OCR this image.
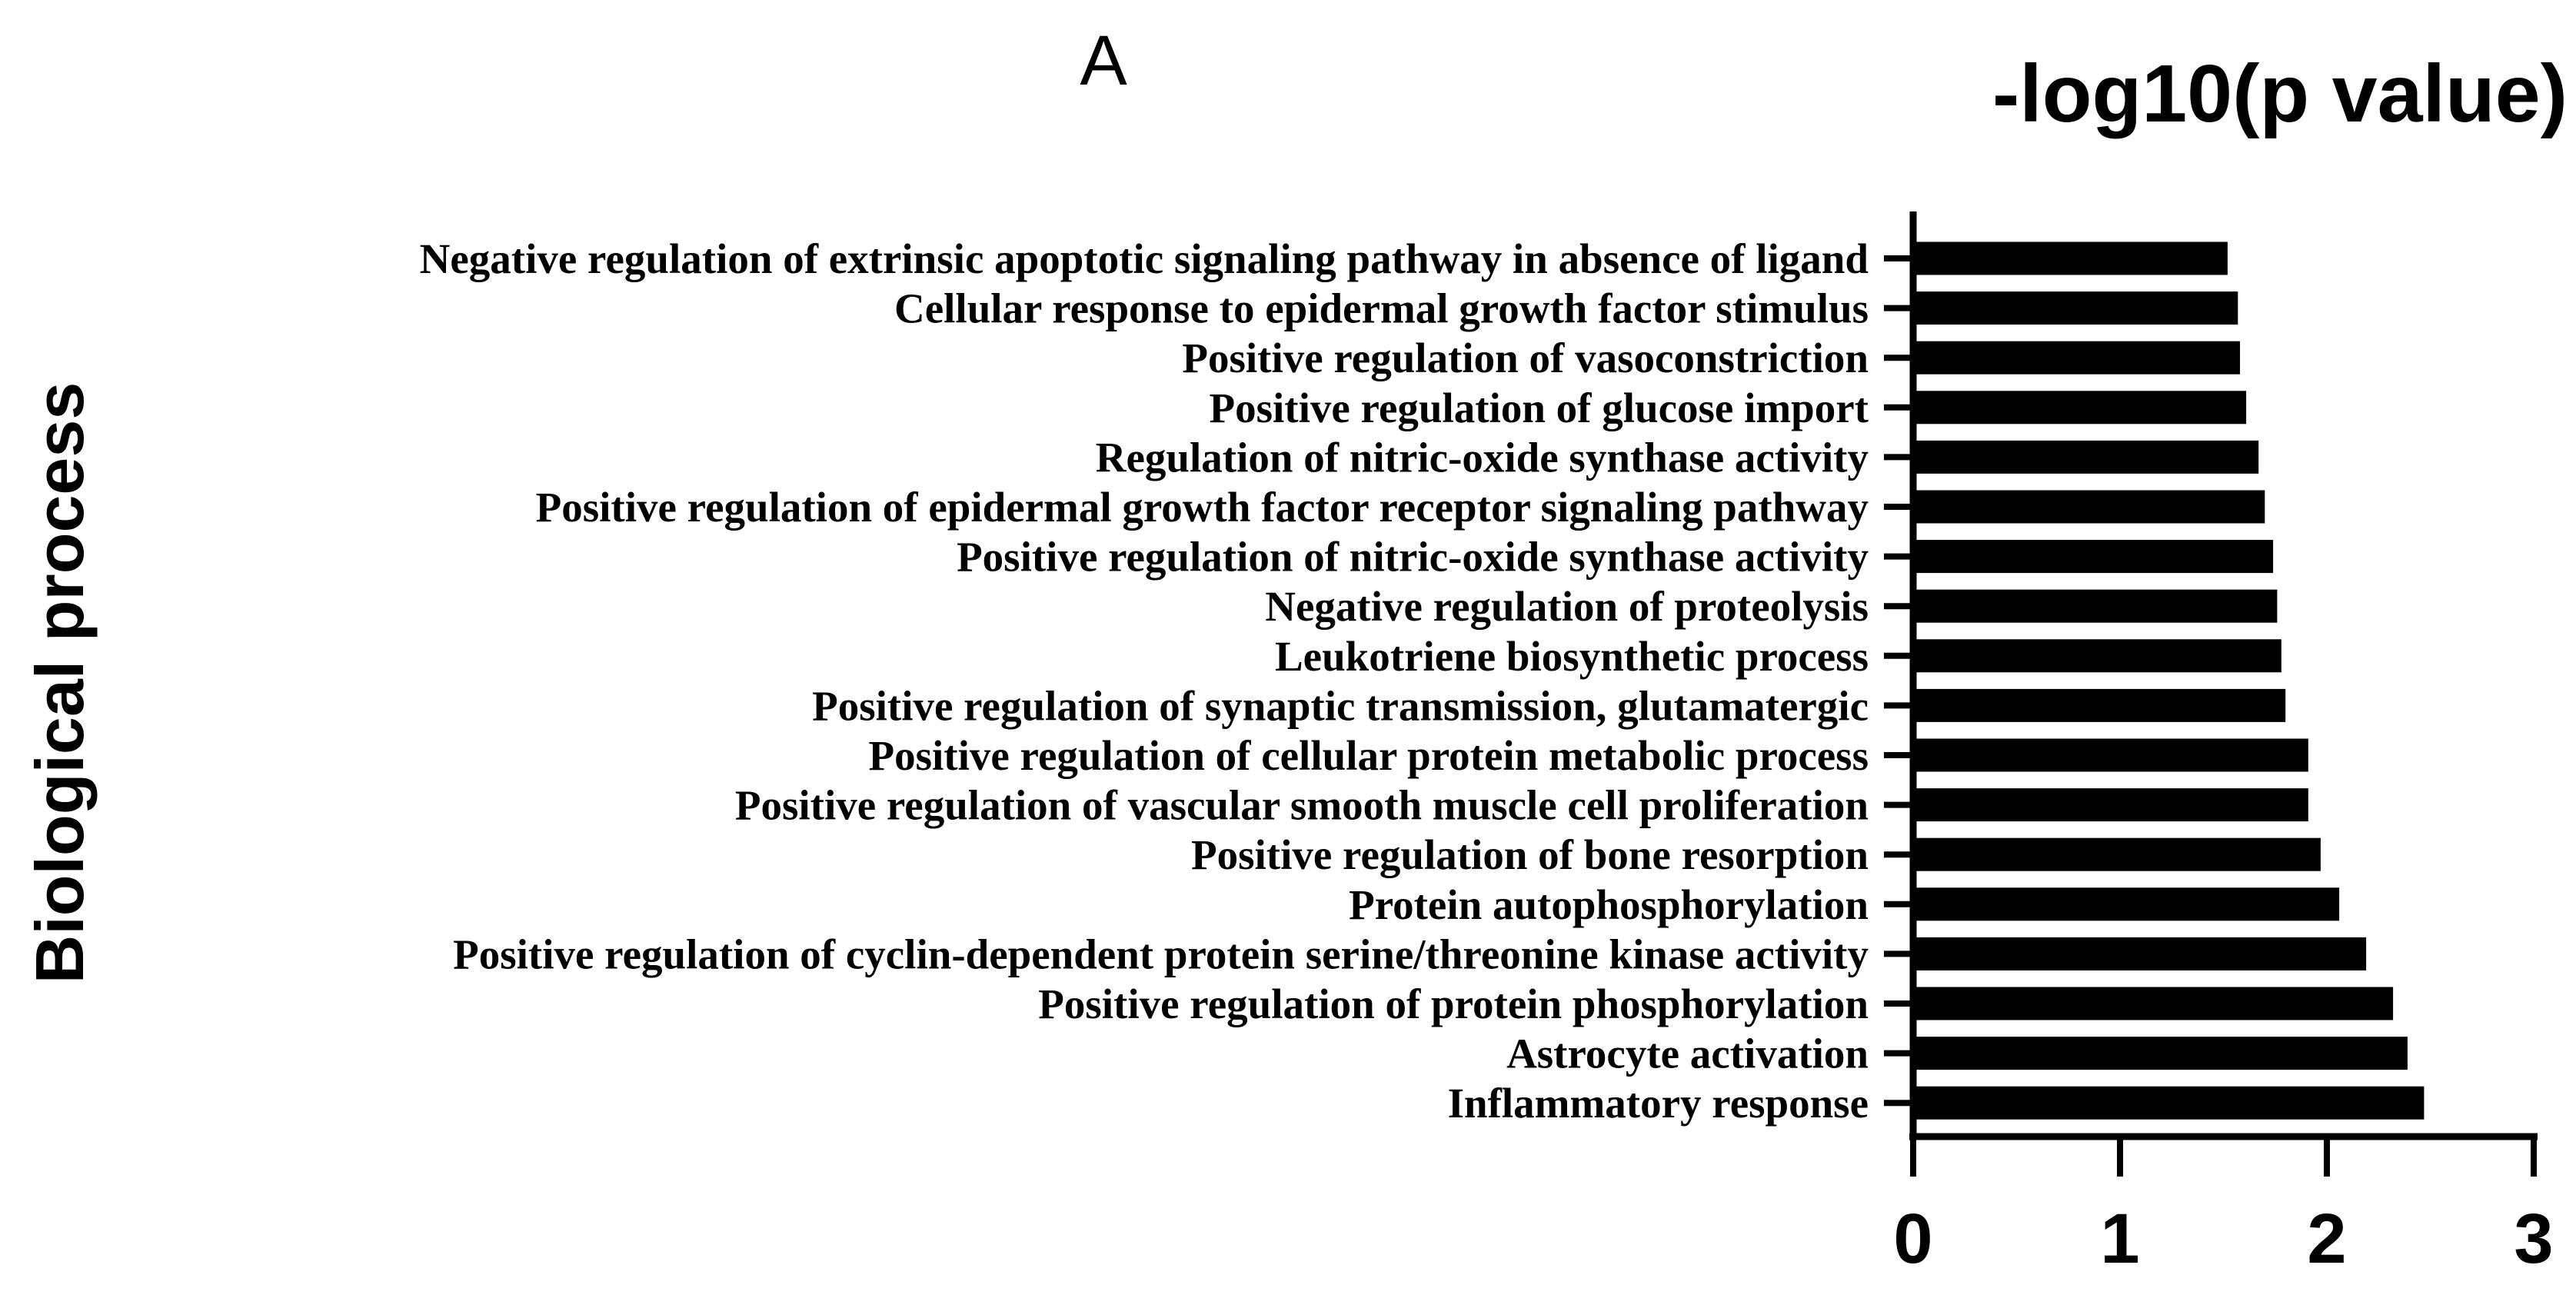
A	-log10(p value)
Biological process
Negative regulation of extrinsic apoptotic signaling pathway in absence of ligand
Cellular response to epidermal growth factor stimulus
Positive regulation of vasoconstriction
Positive regulation of glucose import
Regulation of nitric-oxide synthase activity
Positive regulation of epidermal growth factor receptor signaling pathway
Positive regulation of nitric-oxide synthase activity
Negative regulation of proteolysis
Leukotriene biosynthetic process
Positive regulation of synaptic transmission, glutamatergic
Positive regulation of cellular protein metabolic process
Positive regulation of vascular smooth muscle cell proliferation
Positive regulation of bone resorption
Protein autophosphorylation
Positive regulation of cyclin-dependent protein serine/threonine kinase activity
Positive regulation of protein phosphorylation
Astrocyte activation
Inflammatory response
0 1 2 3
